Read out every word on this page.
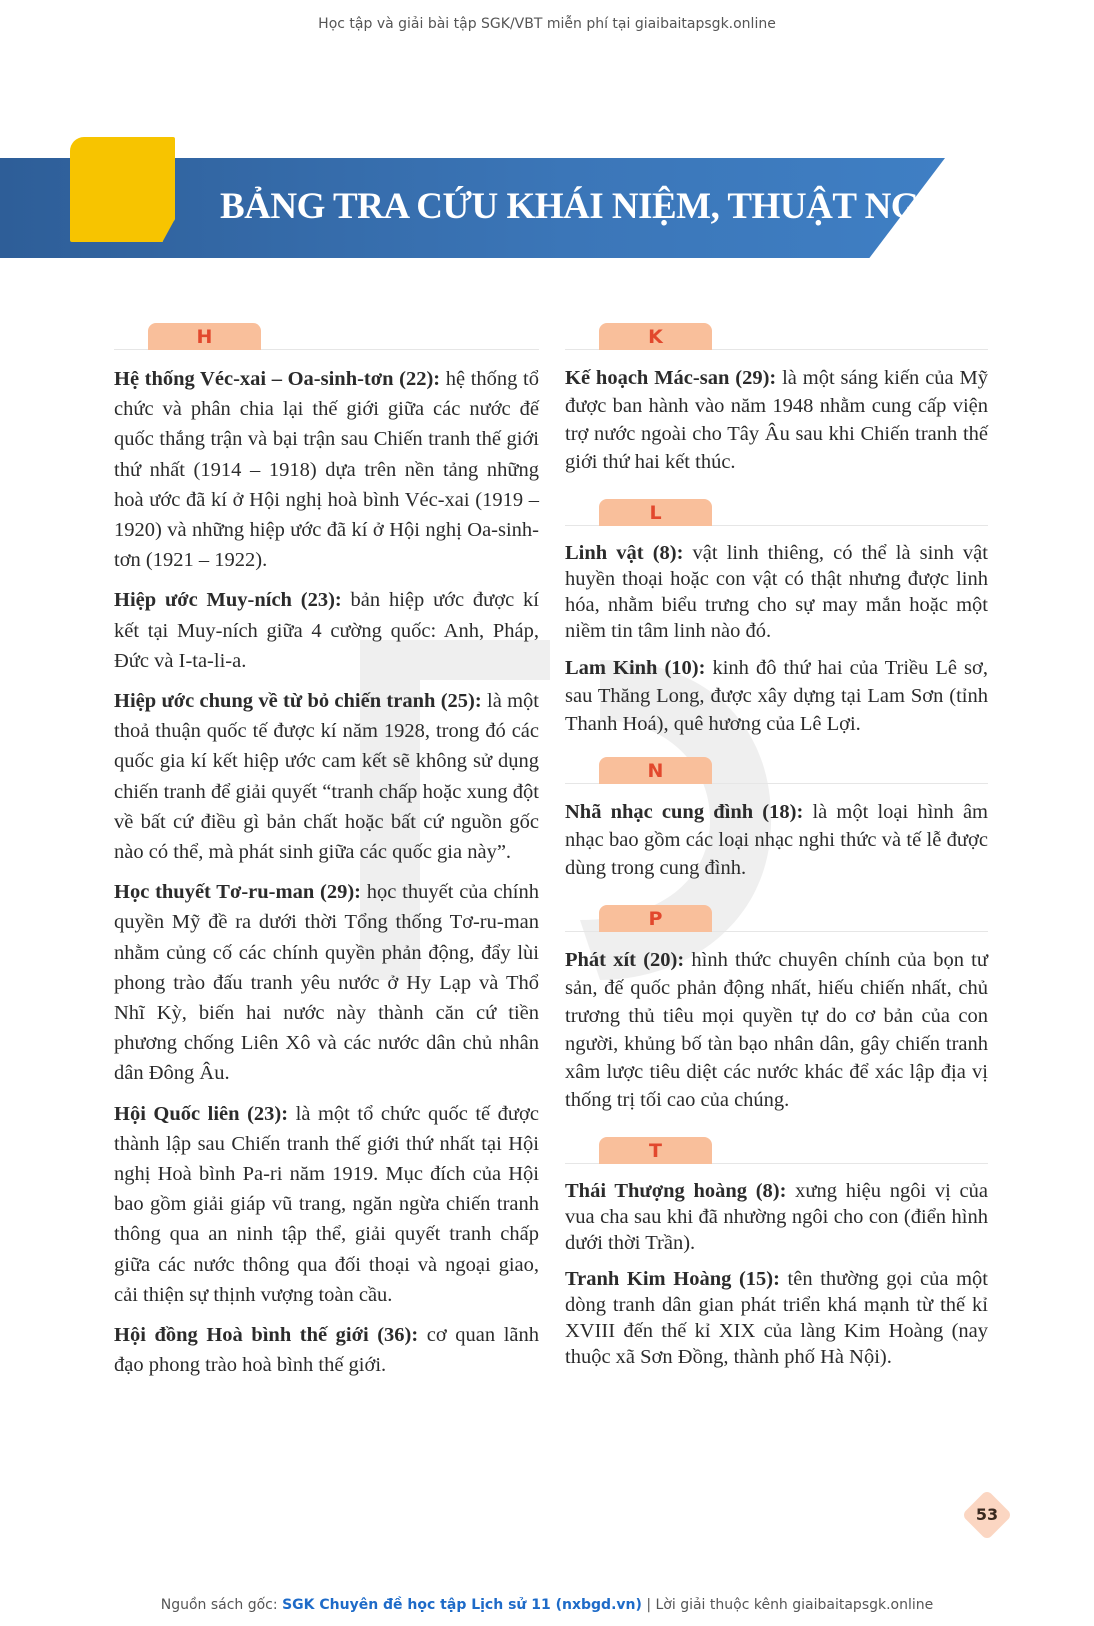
Học tập và giải bài tập SGK/VBT miễn phí tại giaibaitapsgk.online
BẢNG TRA CỨU KHÁI NIỆM, THUẬT NGỮ
H

Hệ thống Véc-xai – Oa-sinh-tơn (22): hệ thống tổ chức và phân chia lại thế giới giữa các nước đế quốc thắng trận và bại trận sau Chiến tranh thế giới thứ nhất (1914 – 1918) dựa trên nền tảng những hoà ước đã kí ở Hội nghị hoà bình Véc-xai (1919 – 1920) và những hiệp ước đã kí ở Hội nghị Oa-sinh-tơn (1921 – 1922).

Hiệp ước Muy-ních (23): bản hiệp ước được kí kết tại Muy-ních giữa 4 cường quốc: Anh, Pháp, Đức và I-ta-li-a.

Hiệp ước chung về từ bỏ chiến tranh (25): là một thoả thuận quốc tế được kí năm 1928, trong đó các quốc gia kí kết hiệp ước cam kết sẽ không sử dụng chiến tranh để giải quyết “tranh chấp hoặc xung đột về bất cứ điều gì bản chất hoặc bất cứ nguồn gốc nào có thể, mà phát sinh giữa các quốc gia này”.

Học thuyết Tơ-ru-man (29): học thuyết của chính quyền Mỹ đề ra dưới thời Tổng thống Tơ-ru-man nhằm củng cố các chính quyền phản động, đẩy lùi phong trào đấu tranh yêu nước ở Hy Lạp và Thổ Nhĩ Kỳ, biến hai nước này thành căn cứ tiền phương chống Liên Xô và các nước dân chủ nhân dân Đông Âu.

Hội Quốc liên (23): là một tổ chức quốc tế được thành lập sau Chiến tranh thế giới thứ nhất tại Hội nghị Hoà bình Pa-ri năm 1919. Mục đích của Hội bao gồm giải giáp vũ trang, ngăn ngừa chiến tranh thông qua an ninh tập thể, giải quyết tranh chấp giữa các nước thông qua đối thoại và ngoại giao, cải thiện sự thịnh vượng toàn cầu.

Hội đồng Hoà bình thế giới (36): cơ quan lãnh đạo phong trào hoà bình thế giới.

K

Kế hoạch Mác-san (29): là một sáng kiến của Mỹ được ban hành vào năm 1948 nhằm cung cấp viện trợ nước ngoài cho Tây Âu sau khi Chiến tranh thế giới thứ hai kết thúc.

L

Linh vật (8): vật linh thiêng, có thể là sinh vật huyền thoại hoặc con vật có thật nhưng được linh hóa, nhằm biểu trưng cho sự may mắn hoặc một niềm tin tâm linh nào đó.

Lam Kinh (10): kinh đô thứ hai của Triều Lê sơ, sau Thăng Long, được xây dựng tại Lam Sơn (tỉnh Thanh Hoá), quê hương của Lê Lợi.

N

Nhã nhạc cung đình (18): là một loại hình âm nhạc bao gồm các loại nhạc nghi thức và tế lễ được dùng trong cung đình.

P

Phát xít (20): hình thức chuyên chính của bọn tư sản, đế quốc phản động nhất, hiếu chiến nhất, chủ trương thủ tiêu mọi quyền tự do cơ bản của con người, khủng bố tàn bạo nhân dân, gây chiến tranh xâm lược tiêu diệt các nước khác để xác lập địa vị thống trị tối cao của chúng.

T

Thái Thượng hoàng (8): xưng hiệu ngôi vị của vua cha sau khi đã nhường ngôi cho con (điển hình dưới thời Trần).

Tranh Kim Hoàng (15): tên thường gọi của một dòng tranh dân gian phát triển khá mạnh từ thế kỉ XVIII đến thế kỉ XIX của làng Kim Hoàng (nay thuộc xã Sơn Đồng, thành phố Hà Nội).

53
Nguồn sách gốc: SGK Chuyên đề học tập Lịch sử 11 (nxbgd.vn) | Lời giải thuộc kênh giaibaitapsgk.online
